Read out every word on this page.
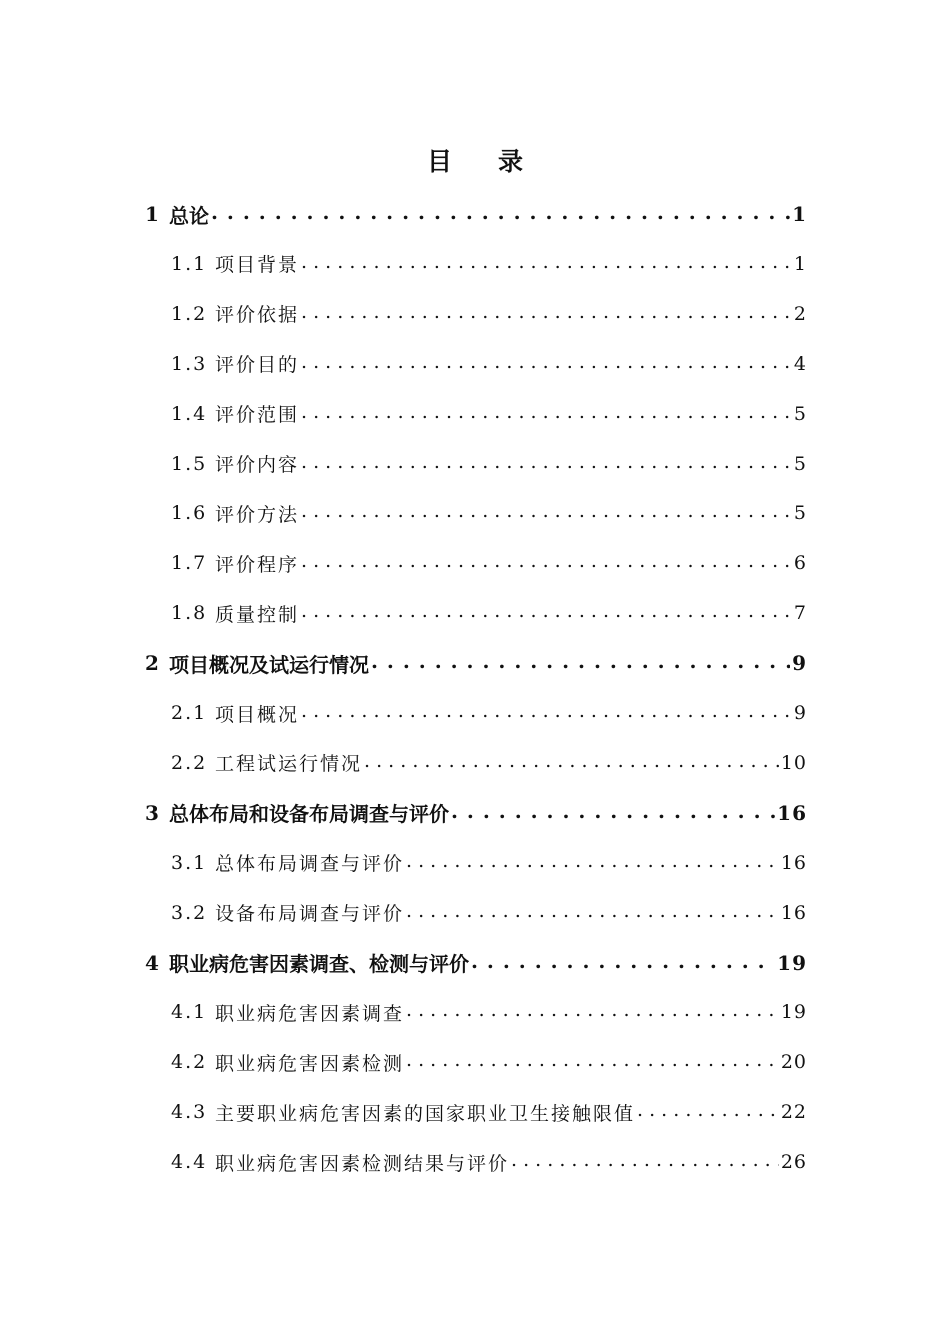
目 录
1 总论 . . .	1
1.1 项目背景 . . .	1
1.2 评价依据 . . .	2
1.3 评价目的 . . .	4
1.4 评价范围 . . .	5
1.5 评价内容 . . .	5
1.6 评价方法 . . .	5
1.7 评价程序 . . .	6
1.8 质量控制 . . .	7
2 项目概况及试运行情况 . . .	9
2.1 项目概况 . . .	9
2.2 工程试运行情况 . . .	10
3 总体布局和设备布局调查与评价 . . .	16
3.1 总体布局调查与评价 . . .	16
3.2 设备布局调查与评价 . . .	16
4 职业病危害因素调查、检测与评价 . . .	19
4.1 职业病危害因素调查 . . .	19
4.2 职业病危害因素检测 . . .	20
4.3 主要职业病危害因素的国家职业卫生接触限值 . . .	22
4.4 职业病危害因素检测结果与评价 . . .	26
